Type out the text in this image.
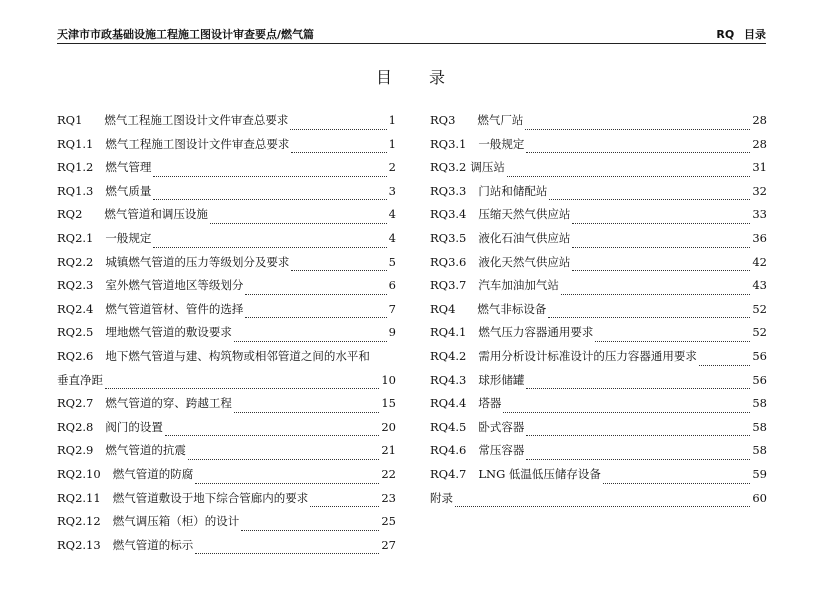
天津市市政基础设施工程施工图设计审查要点/燃气篇	RQ 目录
目 录
RQ1 燃气工程施工图设计文件审查总要求	1
RQ1.1 燃气工程施工图设计文件审查总要求	1
RQ1.2 燃气管理	2
RQ1.3 燃气质量	3
RQ2 燃气管道和调压设施	4
RQ2.1 一般规定	4
RQ2.2 城镇燃气管道的压力等级划分及要求	5
RQ2.3 室外燃气管道地区等级划分	6
RQ2.4 燃气管道管材、管件的选择	7
RQ2.5 埋地燃气管道的敷设要求	9
RQ2.6 地下燃气管道与建、构筑物或相邻管道之间的水平和
垂直净距	10
RQ2.7 燃气管道的穿、跨越工程	15
RQ2.8 阀门的设置	20
RQ2.9 燃气管道的抗震	21
RQ2.10 燃气管道的防腐	22
RQ2.11 燃气管道敷设于地下综合管廊内的要求	23
RQ2.12 燃气调压箱（柜）的设计	25
RQ2.13 燃气管道的标示	27
RQ3 燃气厂站	28
RQ3.1 一般规定	28
RQ3.2 调压站	31
RQ3.3 门站和储配站	32
RQ3.4 压缩天然气供应站	33
RQ3.5 液化石油气供应站	36
RQ3.6 液化天然气供应站	42
RQ3.7 汽车加油加气站	43
RQ4 燃气非标设备	52
RQ4.1 燃气压力容器通用要求	52
RQ4.2 需用分析设计标准设计的压力容器通用要求	56
RQ4.3 球形储罐	56
RQ4.4 塔器	58
RQ4.5 卧式容器	58
RQ4.6 常压容器	58
RQ4.7 LNG 低温低压储存设备	59
附录	60
